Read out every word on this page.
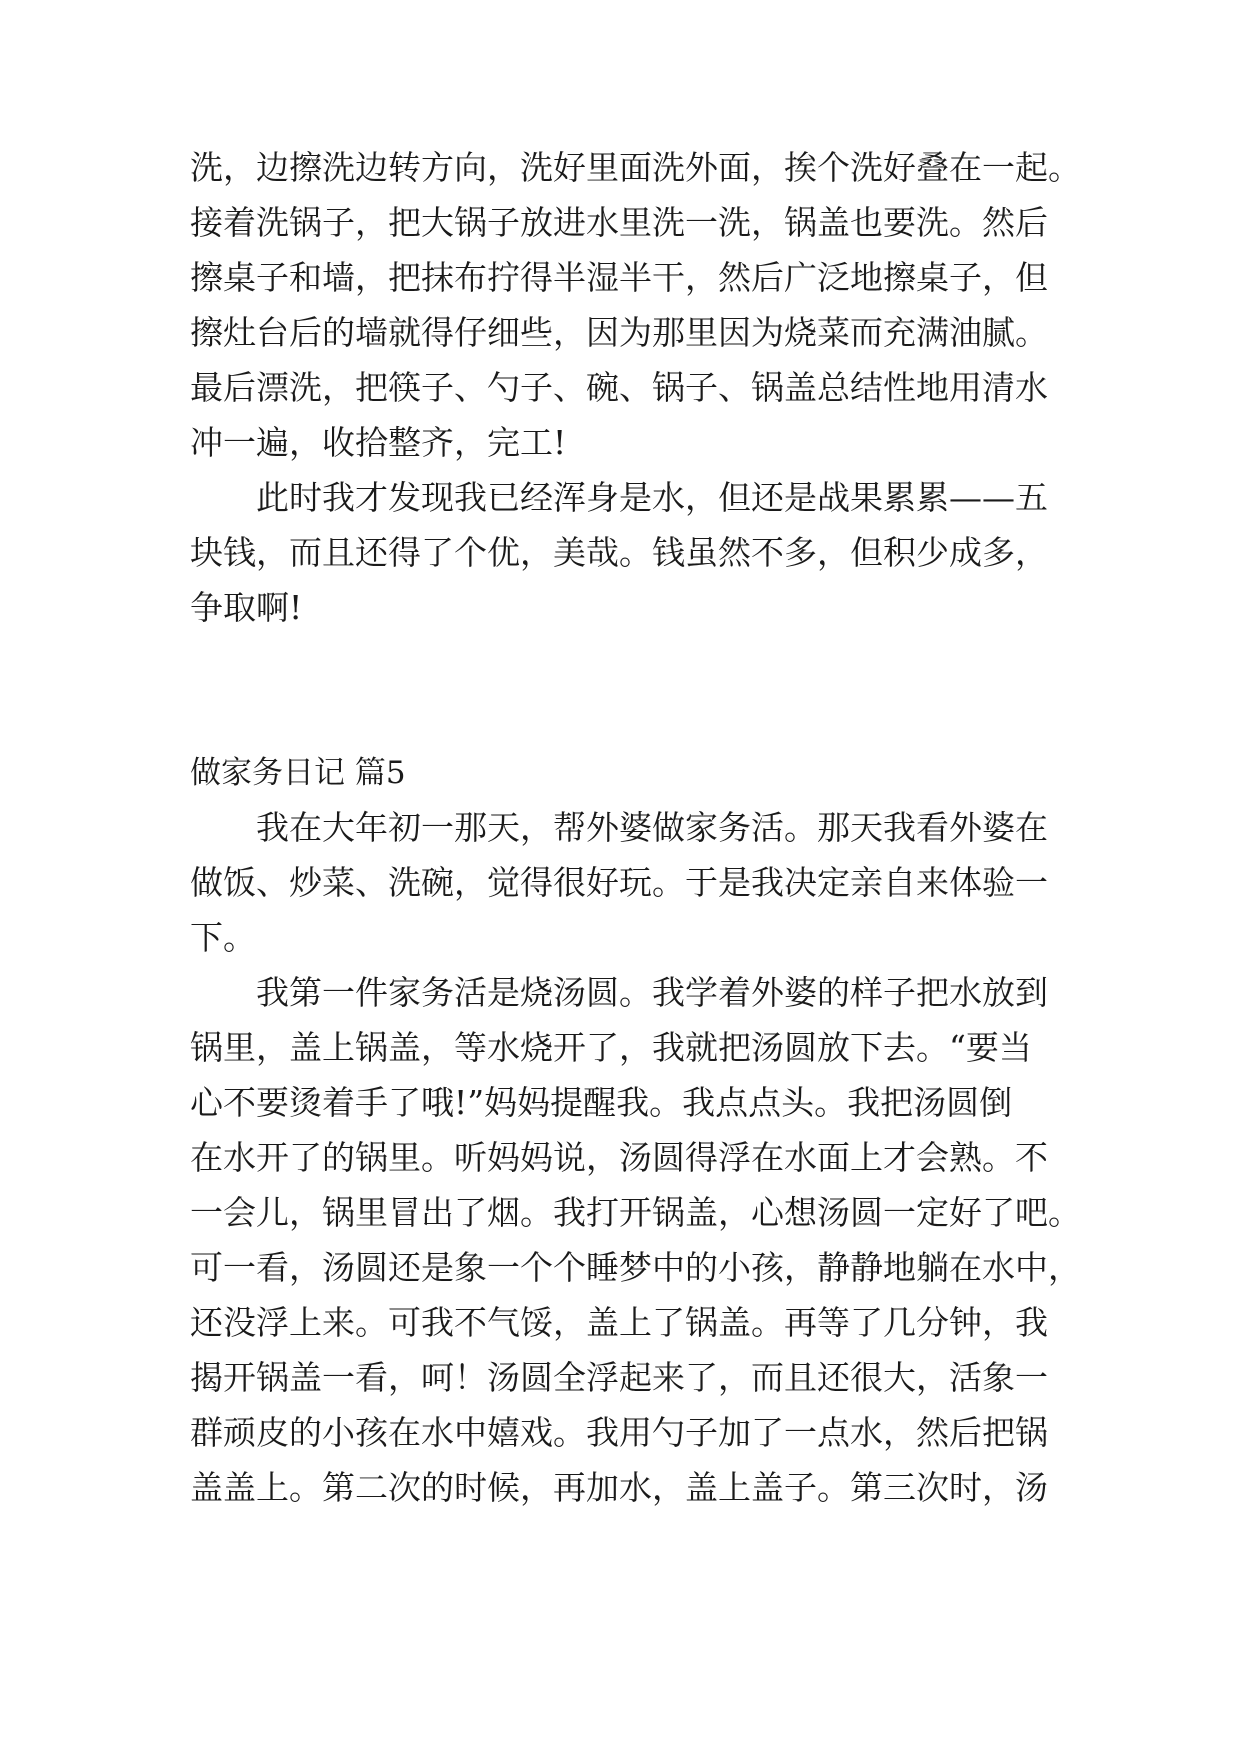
洗，边擦洗边转方向，洗好里面洗外面，挨个洗好叠在一起。

接着洗锅子，把大锅子放进水里洗一洗，锅盖也要洗。然后

擦桌子和墙，把抹布拧得半湿半干，然后广泛地擦桌子，但

擦灶台后的墙就得仔细些，因为那里因为烧菜而充满油腻。

最后漂洗，把筷子、勺子、碗、锅子、锅盖总结性地用清水

冲一遍，收拾整齐，完工!

此时我才发现我已经浑身是水，但还是战果累累——五

块钱，而且还得了个优，美哉。钱虽然不多，但积少成多，

争取啊!

做家务日记 篇5

我在大年初一那天，帮外婆做家务活。那天我看外婆在

做饭、炒菜、洗碗，觉得很好玩。于是我决定亲自来体验一

下。

我第一件家务活是烧汤圆。我学着外婆的样子把水放到

锅里，盖上锅盖，等水烧开了，我就把汤圆放下去。“要当

心不要烫着手了哦!”妈妈提醒我。我点点头。我把汤圆倒

在水开了的锅里。听妈妈说，汤圆得浮在水面上才会熟。不

一会儿，锅里冒出了烟。我打开锅盖，心想汤圆一定好了吧。

可一看，汤圆还是象一个个睡梦中的小孩，静静地躺在水中，

还没浮上来。可我不气馁，盖上了锅盖。再等了几分钟，我

揭开锅盖一看，呵！汤圆全浮起来了，而且还很大，活象一

群顽皮的小孩在水中嬉戏。我用勺子加了一点水，然后把锅

盖盖上。第二次的时候，再加水，盖上盖子。第三次时，汤
